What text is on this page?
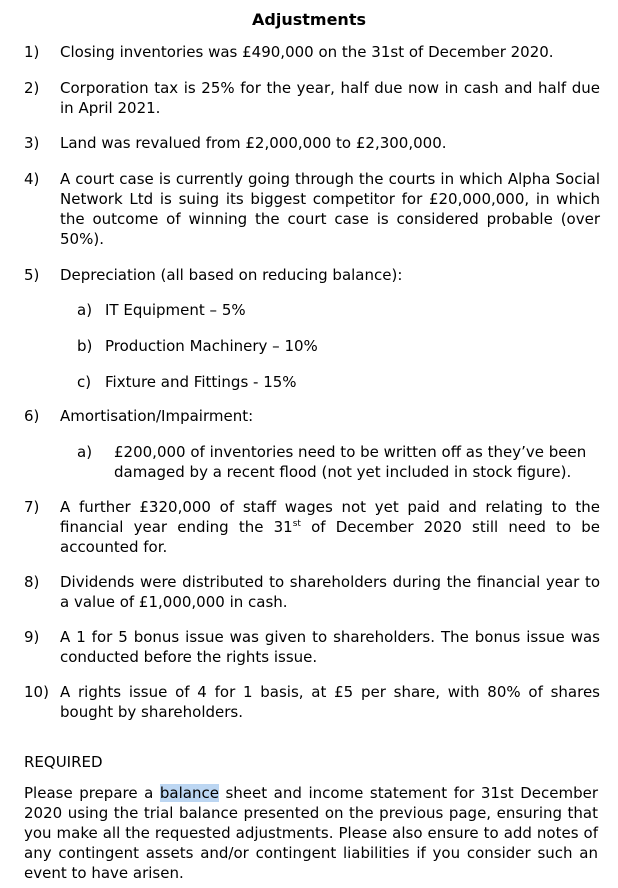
Adjustments
1) Closing inventories was £490,000 on the 31st of December 2020.
2) Corporation tax is 25% for the year, half due now in cash and half due in April 2021.
3) Land was revalued from £2,000,000 to £2,300,000.
4) A court case is currently going through the courts in which Alpha Social Network Ltd is suing its biggest competitor for £20,000,000, in which the outcome of winning the court case is considered probable (over 50%).
5) Depreciation (all based on reducing balance):
a) IT Equipment – 5%
b) Production Machinery – 10%
c) Fixture and Fittings - 15%
6) Amortisation/Impairment:
a) £200,000 of inventories need to be written off as they’ve been damaged by a recent flood (not yet included in stock figure).
7) A further £320,000 of staff wages not yet paid and relating to the financial year ending the 31st of December 2020 still need to be accounted for.
8) Dividends were distributed to shareholders during the financial year to a value of £1,000,000 in cash.
9) A 1 for 5 bonus issue was given to shareholders. The bonus issue was conducted before the rights issue.
10) A rights issue of 4 for 1 basis, at £5 per share, with 80% of shares bought by shareholders.
REQUIRED
Please prepare a balance sheet and income statement for 31st December 2020 using the trial balance presented on the previous page, ensuring that you make all the requested adjustments. Please also ensure to add notes of any contingent assets and/or contingent liabilities if you consider such an event to have arisen.
